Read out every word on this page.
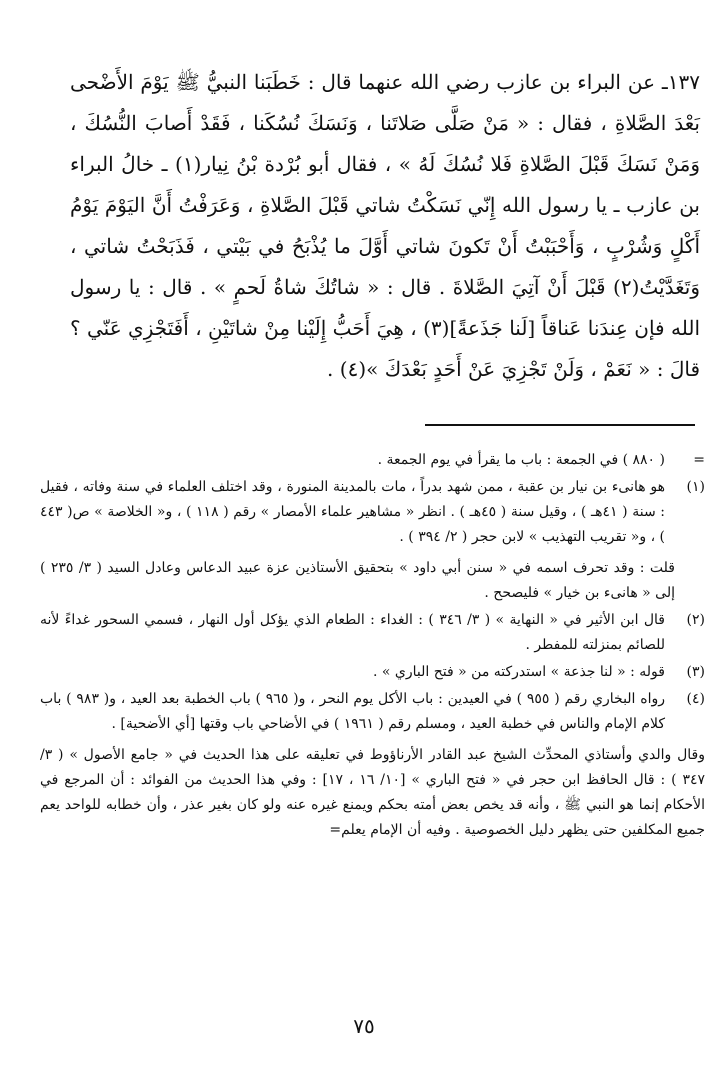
١٣٧ـ عن البراء بن عازب رضي الله عنهما قال : خَطَبَنا النبيُّ ﷺ يَوْمَ الأَضْحى بَعْدَ الصَّلاةِ ، فقال : « مَنْ صَلَّى صَلاتَنا ، وَنَسَكَ نُسُكَنا ، فَقَدْ أَصابَ النُّسُكَ ، وَمَنْ نَسَكَ قَبْلَ الصَّلاةِ فَلا نُسُكَ لَهُ » ، فقال أبو بُرْدة بْنُ نِيار(١) ـ خالُ البراء بن عازب ـ يا رسول الله إِنّي نَسَكْتُ شاتي قَبْلَ الصَّلاةِ ، وَعَرَفْتُ أَنَّ اليَوْمَ يَوْمُ أَكْلٍ وَشُرْبٍ ، وَأَحْبَبْتُ أَنْ تَكونَ شاتي أَوَّلَ ما يُذْبَحُ في بَيْتي ، فَذَبَحْتُ شاتي ، وَتَغَدَّيْتُ(٢) قَبْلَ أَنْ آتِيَ الصَّلاةَ . قال : « شاتُكَ شاةُ لَحمٍ » . قال : يا رسول الله فإن عِندَنا عَناقاً [لَنا جَذَعةً](٣) ، هِيَ أَحَبُّ إِلَيْنا مِنْ شاتَيْنِ ، أَفَتَجْزِي عَنّي ؟ قالَ : « نَعَمْ ، وَلَنْ تَجْزِيَ عَنْ أَحَدٍ بَعْدَكَ »(٤) .

=
( ٨٨٠ ) في الجمعة : باب ما يقرأ في يوم الجمعة .
(١)
هو هانىء بن نيار بن عقبة ، ممن شهد بدراً ، مات بالمدينة المنورة ، وقد اختلف العلماء في سنة وفاته ، فقيل : سنة ( ٤١هـ ) ، وقيل سنة ( ٤٥هـ ) . انظر « مشاهير علماء الأمصار » رقم ( ١١٨ ) ، و« الخلاصة » ص( ٤٤٣ ) ، و« تقريب التهذيب » لابن حجر ( ٢/ ٣٩٤ ) .
قلت : وقد تحرف اسمه في « سنن أبي داود » بتحقيق الأستاذين عزة عبيد الدعاس وعادل السيد ( ٣/ ٢٣٥ ) إلى « هانىء بن خيار » فليصحح .
(٢)
قال ابن الأثير في « النهاية » ( ٣/ ٣٤٦ ) : الغداء : الطعام الذي يؤكل أول النهار ، فسمي السحور غداءً لأنه للصائم بمنزلته للمفطر .
(٣)
قوله : « لنا جذعة » استدركته من « فتح الباري » .
(٤)
رواه البخاري رقم ( ٩٥٥ ) في العيدين : باب الأكل يوم النحر ، و( ٩٦٥ ) باب الخطبة بعد العيد ، و( ٩٨٣ ) باب كلام الإمام والناس في خطبة العيد ، ومسلم رقم ( ١٩٦١ ) في الأضاحي باب وقتها [أي الأضحية] .
وقال والدي وأستاذي المحدِّث الشيخ عبد القادر الأرناؤوط في تعليقه على هذا الحديث في « جامع الأصول » ( ٣/ ٣٤٧ ) : قال الحافظ ابن حجر في « فتح الباري » [١٠/ ١٦ ، ١٧] : وفي هذا الحديث من الفوائد : أن المرجع في الأحكام إنما هو النبي ﷺ ، وأنه قد يخص بعض أمته بحكم ويمنع غيره عنه ولو كان بغير عذر ، وأن خطابه للواحد يعم جميع المكلفين حتى يظهر دليل الخصوصية . وفيه أن الإمام يعلم=
٧٥
